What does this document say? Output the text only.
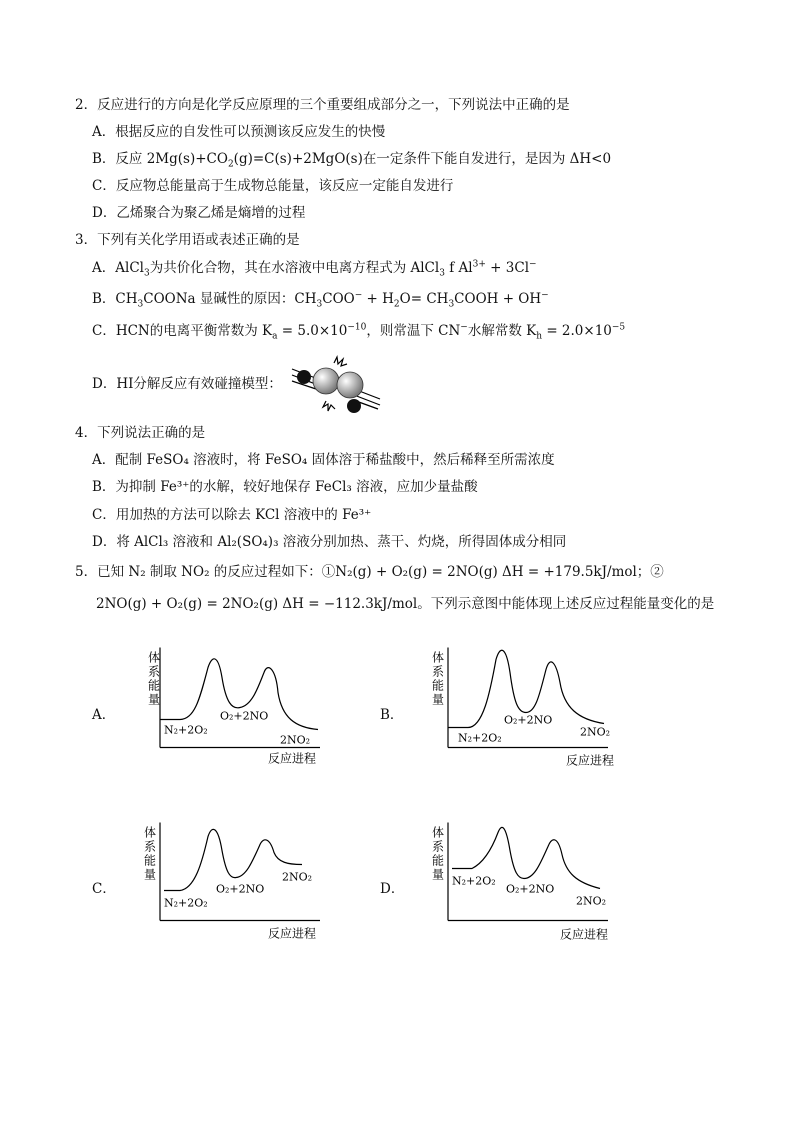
2．反应进行的方向是化学反应原理的三个重要组成部分之一，下列说法中正确的是
A．根据反应的自发性可以预测该反应发生的快慢
B．反应 $2Mg(s)+CO_2(g)=C(s)+2MgO(s)$在一定条件下能自发进行，是因为 ΔH<0
C．反应物总能量高于生成物总能量，该反应一定能自发进行
D．乙烯聚合为聚乙烯是熵增的过程
3．下列有关化学用语或表述正确的是
A．AlCl$_3$为共价化合物，其在水溶液中电离方程式为 AlCl$_3$ f $Al^{3+} + 3Cl^-$
B．$CH_3COONa$ 显碱性的原因：$CH_3COO^- + H_2O=$ $CH_3COOH + OH^-$
C．HCN的电离平衡常数为 $K_a = 5.0\times 10^{-10}$，则常温下 CN−水解常数 $K_h = 2.0\times 10^{-5}$
D．HI分解反应有效碰撞模型：
4．下列说法正确的是
A．配制 FeSO₄ 溶液时，将 FeSO₄ 固体溶于稀盐酸中，然后稀释至所需浓度
B．为抑制 Fe³⁺的水解，较好地保存 FeCl₃ 溶液，应加少量盐酸
C．用加热的方法可以除去 KCl 溶液中的 Fe³⁺
D．将 AlCl₃ 溶液和 Al₂(SO₄)₃ 溶液分别加热、蒸干、灼烧，所得固体成分相同
5．已知 N₂ 制取 NO₂ 的反应过程如下：①N₂(g) + O₂(g) = 2NO(g) ΔH = +179.5kJ/mol；②
2NO(g) + O₂(g) = 2NO₂(g) ΔH = −112.3kJ/mol。下列示意图中能体现上述反应过程能量变化的是
A．
体
系
能
量
N₂+2O₂
O₂+2NO
2NO₂
反应进程
B．
体
系
能
量
N₂+2O₂
O₂+2NO
2NO₂
反应进程
C．
体
系
能
量
N₂+2O₂
O₂+2NO
2NO₂
反应进程
D．
体
系
能
量 N₂+2O₂
O₂+2NO
2NO₂
反应进程
